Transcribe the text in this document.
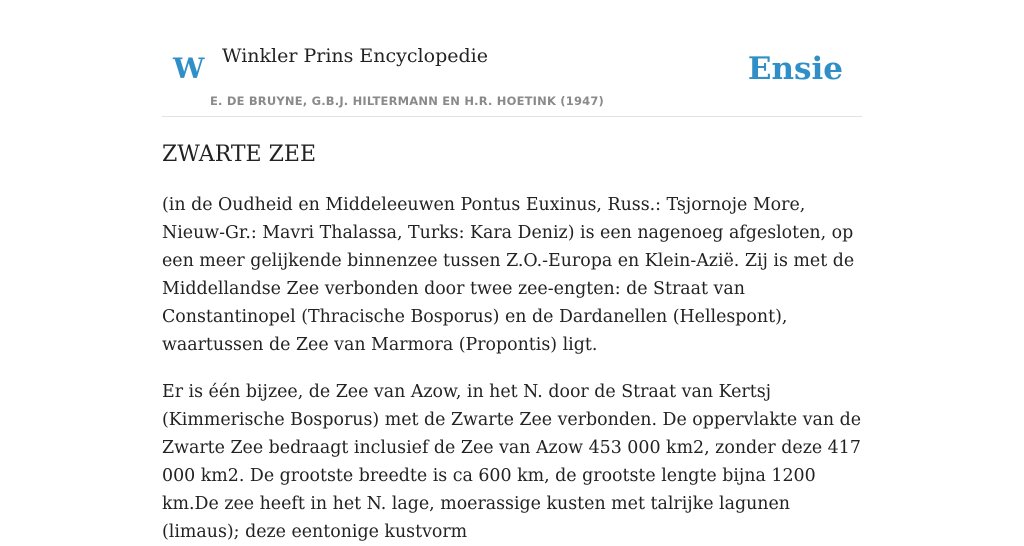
W Winkler Prins Encyclopedie
E. DE BRUYNE, G.B.J. HILTERMANN EN H.R. HOETINK (1947)
Ensie
ZWARTE ZEE

(in de Oudheid en Middeleeuwen Pontus Euxinus, Russ.: Tsjornoje More, Nieuw-Gr.: Mavri Thalassa, Turks: Kara Deniz) is een nagenoeg afgesloten, op een meer gelijkende binnenzee tussen Z.O.-Europa en Klein-Azië. Zij is met de Middellandse Zee verbonden door twee zee-engten: de Straat van Constantinopel (Thracische Bosporus) en de Dardanellen (Hellespont), waartussen de Zee van Marmora (Propontis) ligt.

Er is één bijzee, de Zee van Azow, in het N. door de Straat van Kertsj (Kimmerische Bosporus) met de Zwarte Zee verbonden. De oppervlakte van de Zwarte Zee bedraagt inclusief de Zee van Azow 453 000 km2, zonder deze 417 000 km2. De grootste breedte is ca 600 km, de grootste lengte bijna 1200 km.De zee heeft in het N. lage, moerassige kusten met talrijke lagunen (limaus); deze eentonige kustvorm
